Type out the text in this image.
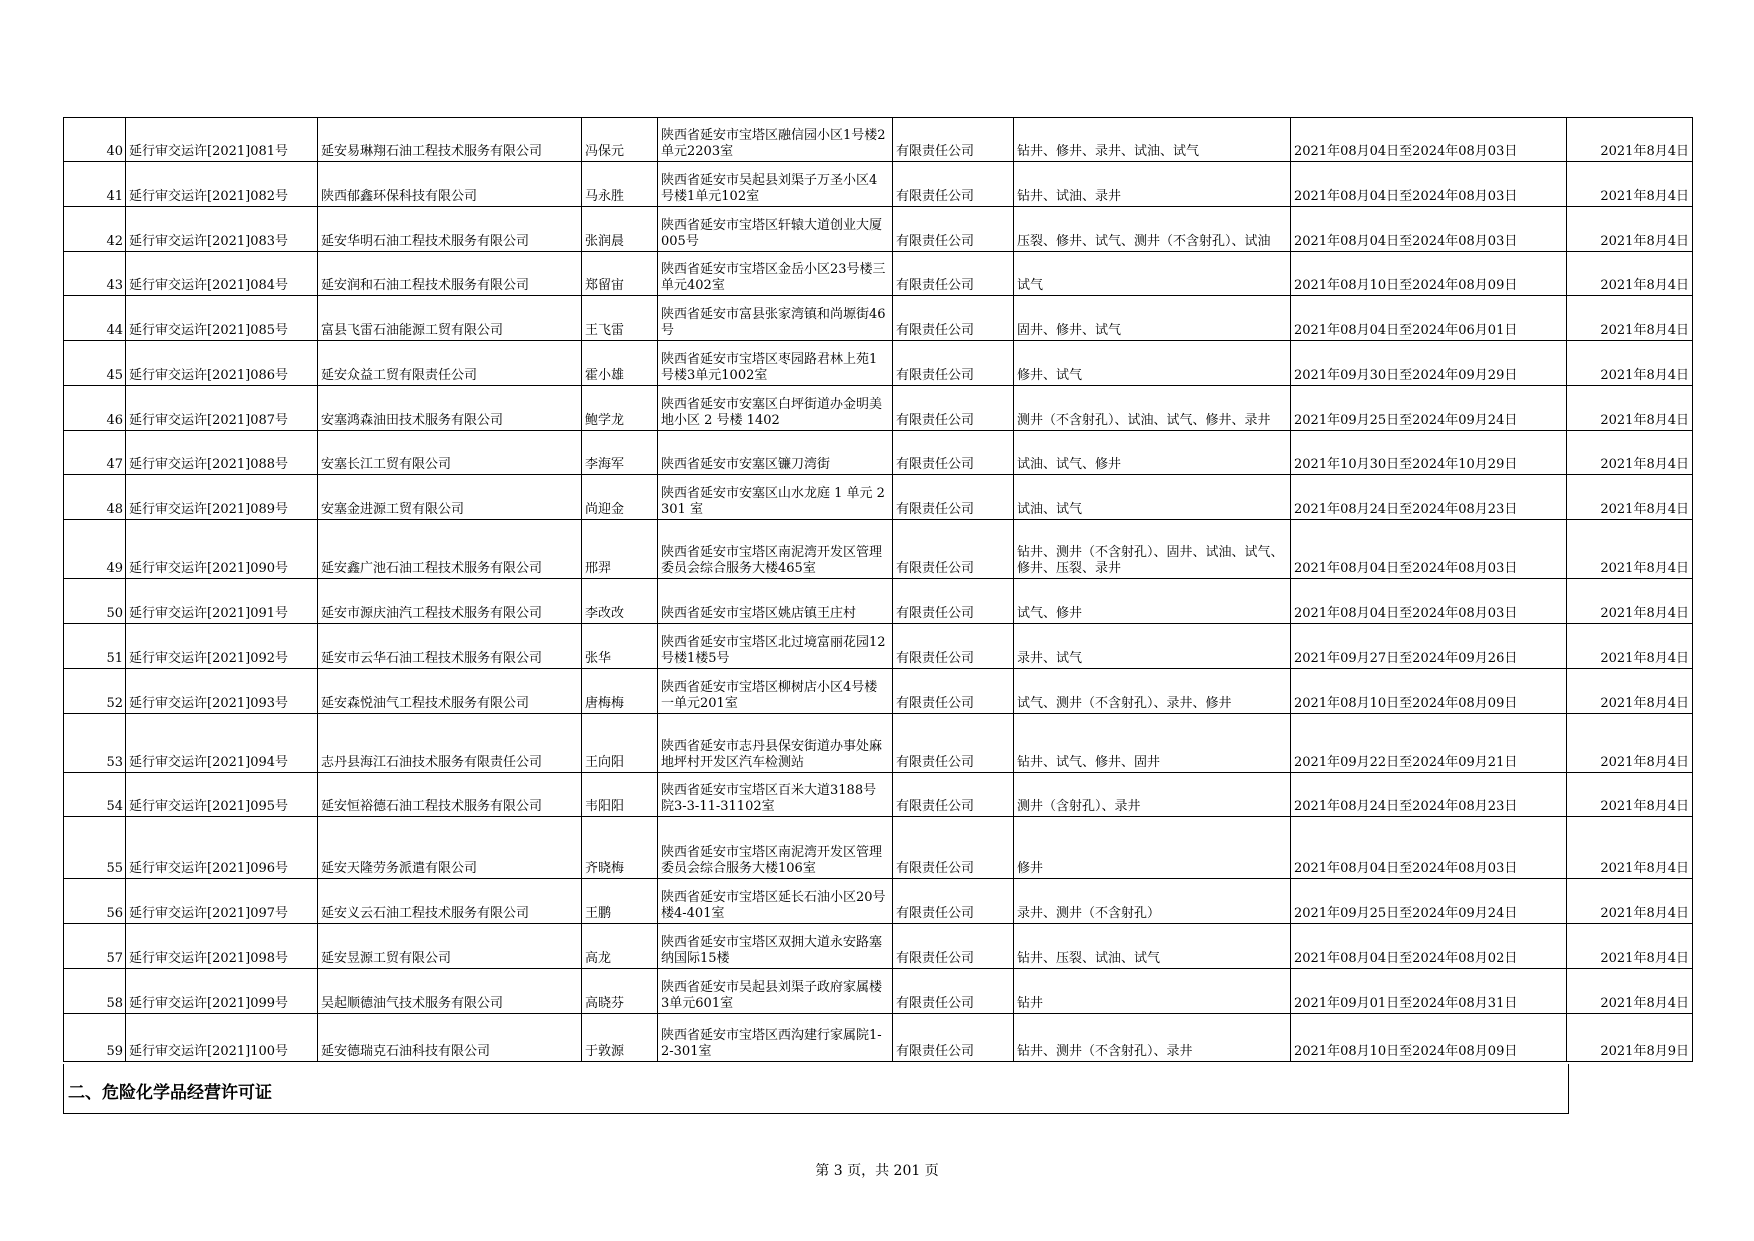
40	延行审交运许[2021]081号	延安易琳翔石油工程技术服务有限公司	冯保元	陕西省延安市宝塔区融信园小区1号楼2单元2203室	有限责任公司	钻井、修井、录井、试油、试气	2021年08月04日至2024年08月03日	2021年8月4日
41	延行审交运许[2021]082号	陕西郁鑫环保科技有限公司	马永胜	陕西省延安市吴起县刘渠子万圣小区4号楼1单元102室	有限责任公司	钻井、试油、录井	2021年08月04日至2024年08月03日	2021年8月4日
42	延行审交运许[2021]083号	延安华明石油工程技术服务有限公司	张润晨	陕西省延安市宝塔区轩辕大道创业大厦005号	有限责任公司	压裂、修井、试气、测井（不含射孔）、试油	2021年08月04日至2024年08月03日	2021年8月4日
43	延行审交运许[2021]084号	延安润和石油工程技术服务有限公司	郑留宙	陕西省延安市宝塔区金岳小区23号楼三单元402室	有限责任公司	试气	2021年08月10日至2024年08月09日	2021年8月4日
44	延行审交运许[2021]085号	富县飞雷石油能源工贸有限公司	王飞雷	陕西省延安市富县张家湾镇和尚塬街46号	有限责任公司	固井、修井、试气	2021年08月04日至2024年06月01日	2021年8月4日
45	延行审交运许[2021]086号	延安众益工贸有限责任公司	霍小雄	陕西省延安市宝塔区枣园路君林上苑1号楼3单元1002室	有限责任公司	修井、试气	2021年09月30日至2024年09月29日	2021年8月4日
46	延行审交运许[2021]087号	安塞鸿森油田技术服务有限公司	鲍学龙	陕西省延安市安塞区白坪街道办金明美地小区 2 号楼 1402	有限责任公司	测井（不含射孔）、试油、试气、修井、录井	2021年09月25日至2024年09月24日	2021年8月4日
47	延行审交运许[2021]088号	安塞长江工贸有限公司	李海军	陕西省延安市安塞区镰刀湾街	有限责任公司	试油、试气、修井	2021年10月30日至2024年10月29日	2021年8月4日
48	延行审交运许[2021]089号	安塞金进源工贸有限公司	尚迎金	陕西省延安市安塞区山水龙庭 1 单元 2301 室	有限责任公司	试油、试气	2021年08月24日至2024年08月23日	2021年8月4日
49	延行审交运许[2021]090号	延安鑫广池石油工程技术服务有限公司	邢羿	陕西省延安市宝塔区南泥湾开发区管理委员会综合服务大楼465室	有限责任公司	钻井、测井（不含射孔）、固井、试油、试气、修井、压裂、录井	2021年08月04日至2024年08月03日	2021年8月4日
50	延行审交运许[2021]091号	延安市源庆油汽工程技术服务有限公司	李改改	陕西省延安市宝塔区姚店镇王庄村	有限责任公司	试气、修井	2021年08月04日至2024年08月03日	2021年8月4日
51	延行审交运许[2021]092号	延安市云华石油工程技术服务有限公司	张华	陕西省延安市宝塔区北过境富丽花园12号楼1楼5号	有限责任公司	录井、试气	2021年09月27日至2024年09月26日	2021年8月4日
52	延行审交运许[2021]093号	延安森悦油气工程技术服务有限公司	唐梅梅	陕西省延安市宝塔区柳树店小区4号楼一单元201室	有限责任公司	试气、测井（不含射孔）、录井、修井	2021年08月10日至2024年08月09日	2021年8月4日
53	延行审交运许[2021]094号	志丹县海江石油技术服务有限责任公司	王向阳	陕西省延安市志丹县保安街道办事处麻地坪村开发区汽车检测站	有限责任公司	钻井、试气、修井、固井	2021年09月22日至2024年09月21日	2021年8月4日
54	延行审交运许[2021]095号	延安恒裕德石油工程技术服务有限公司	韦阳阳	陕西省延安市宝塔区百米大道3188号院3-3-11-31102室	有限责任公司	测井（含射孔）、录井	2021年08月24日至2024年08月23日	2021年8月4日
55	延行审交运许[2021]096号	延安天隆劳务派遣有限公司	齐晓梅	陕西省延安市宝塔区南泥湾开发区管理委员会综合服务大楼106室	有限责任公司	修井	2021年08月04日至2024年08月03日	2021年8月4日
56	延行审交运许[2021]097号	延安义云石油工程技术服务有限公司	王鹏	陕西省延安市宝塔区延长石油小区20号楼4-401室	有限责任公司	录井、测井（不含射孔）	2021年09月25日至2024年09月24日	2021年8月4日
57	延行审交运许[2021]098号	延安昱源工贸有限公司	高龙	陕西省延安市宝塔区双拥大道永安路塞纳国际15楼	有限责任公司	钻井、压裂、试油、试气	2021年08月04日至2024年08月02日	2021年8月4日
58	延行审交运许[2021]099号	吴起顺德油气技术服务有限公司	高晓芬	陕西省延安市吴起县刘渠子政府家属楼3单元601室	有限责任公司	钻井	2021年09月01日至2024年08月31日	2021年8月4日
59	延行审交运许[2021]100号	延安德瑞克石油科技有限公司	于敦源	陕西省延安市宝塔区西沟建行家属院1-2-301室	有限责任公司	钻井、测井（不含射孔）、录井	2021年08月10日至2024年08月09日	2021年8月9日
二、危险化学品经营许可证
第 3 页，共 201 页
